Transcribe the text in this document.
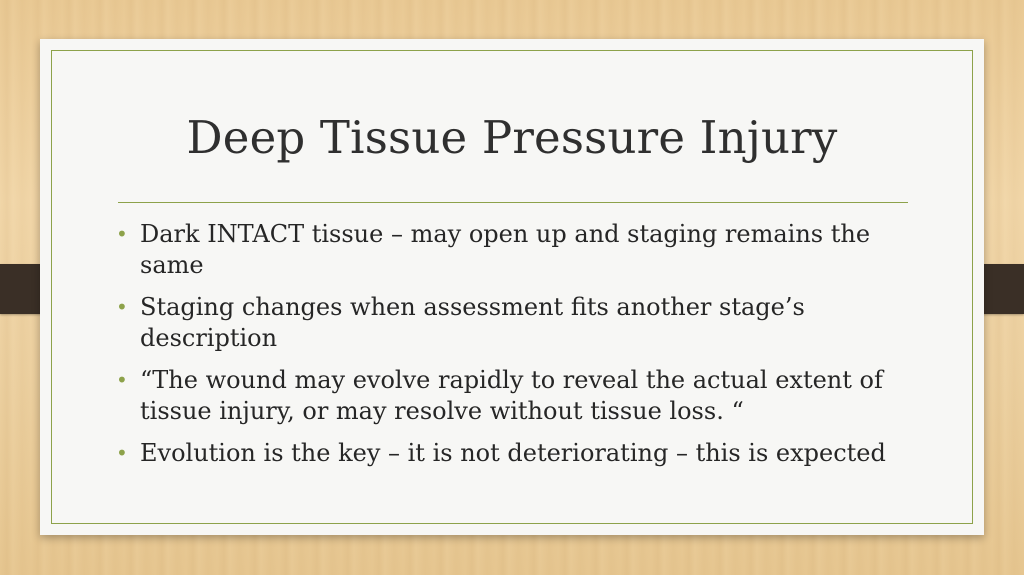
Deep Tissue Pressure Injury
• Dark INTACT tissue – may open up and staging remains the same
• Staging changes when assessment fits another stage’s description
• “The wound may evolve rapidly to reveal the actual extent of tissue injury, or may resolve without tissue loss. “
• Evolution is the key – it is not deteriorating – this is expected
